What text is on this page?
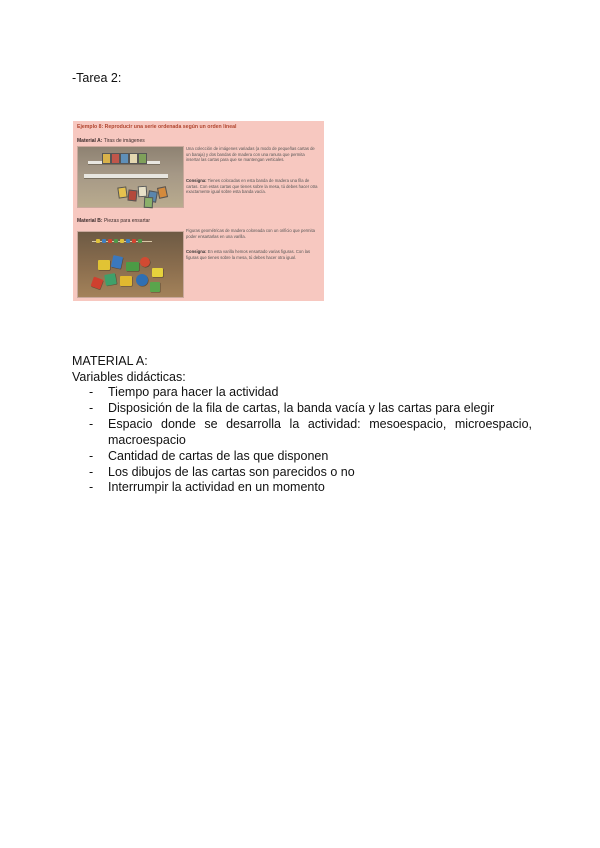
-Tarea 2:
Ejemplo 8: Reproducir una serie ordenada según un orden lineal
Material A: Tiras de imágenes
Una colección de imágenes variadas (a modo de pequeñas cartas de un baraja) y dos bandas de madera con una ranura que permita insertar las cartas para que se mantengan verticales.
Consigna: Tienes colocadas en esta banda de madera una fila de cartas. Con estas cartas que tienes sobre la mesa, tú debes hacer otra exactamente igual sobre esta banda vacía.
Material B: Piezas para ensartar
Figuras geométricas de madera coloreada con un orificio que permita poder ensartarlas en una varilla.
Consigna: En esta varilla hemos ensartado varias figuras. Con las figuras que tienes sobre la mesa, tú debes hacer otra igual.
MATERIAL A:
Variables didácticas:
- Tiempo para hacer la actividad
- Disposición de la fila de cartas, la banda vacía y las cartas para elegir
- Espacio donde se desarrolla la actividad: mesoespacio, microespacio, macroespacio
- Cantidad de cartas de las que disponen
- Los dibujos de las cartas son parecidos o no
- Interrumpir la actividad en un momento
